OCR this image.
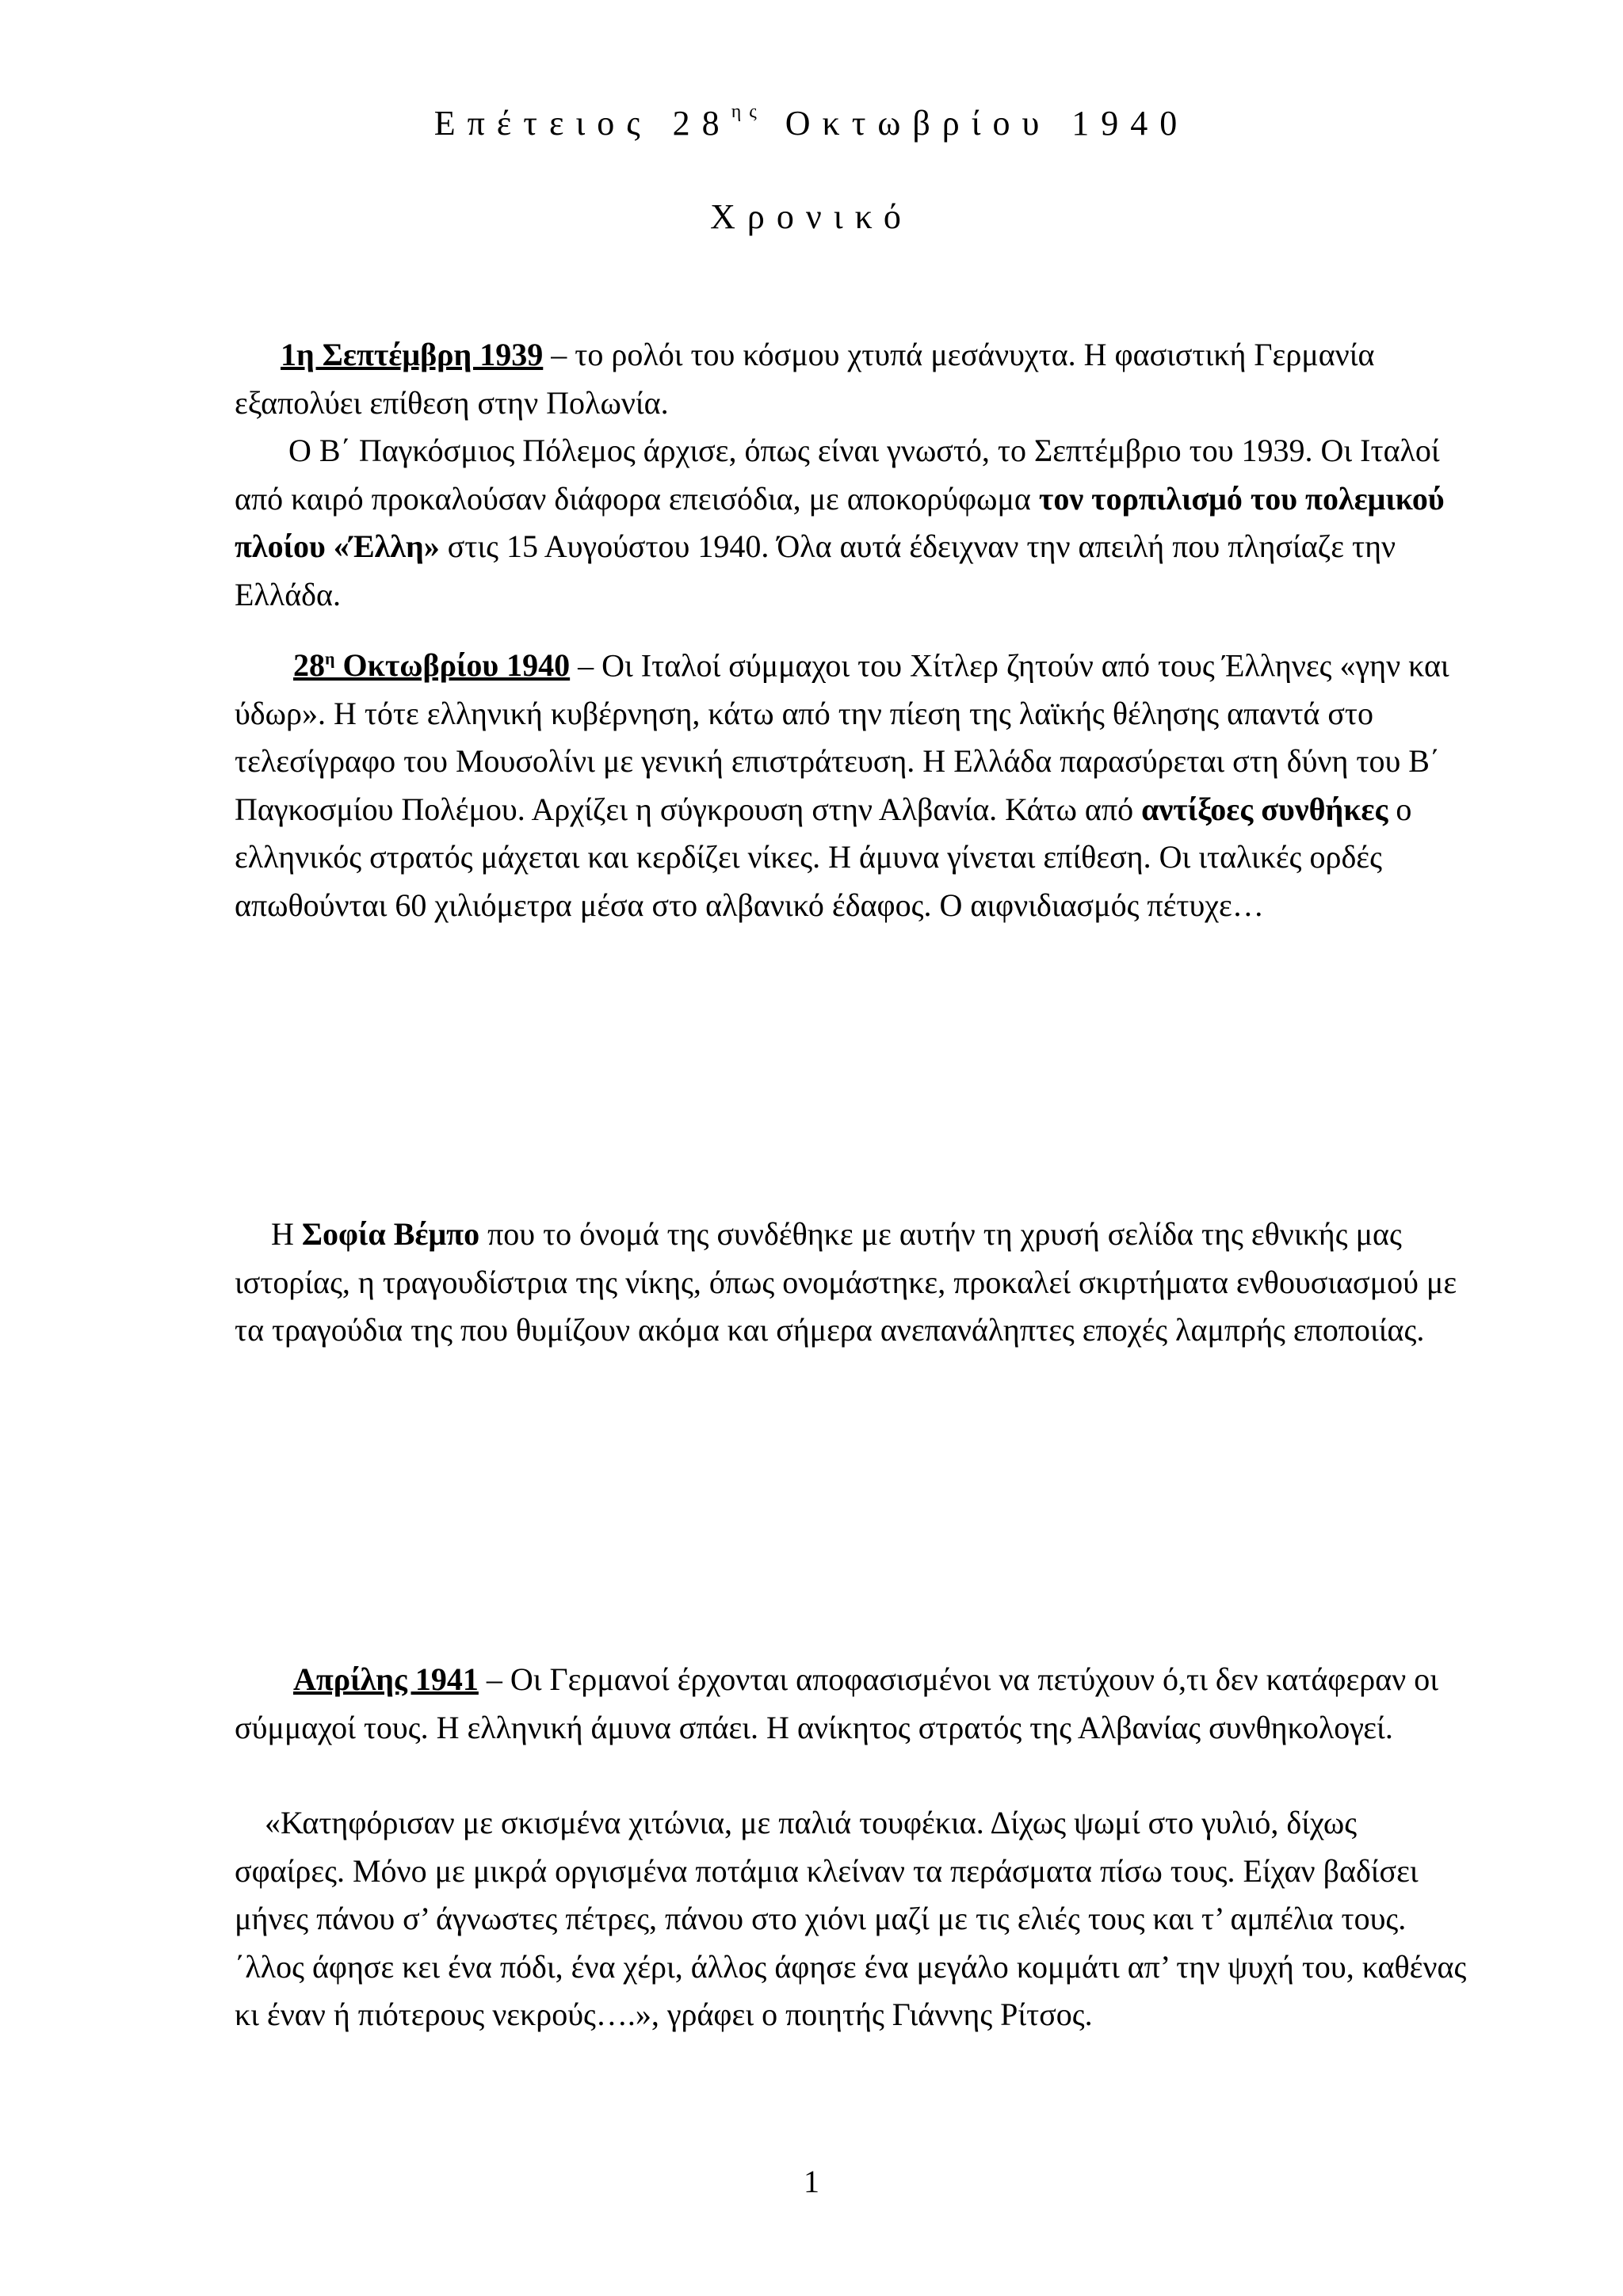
Επέτειος $28^{\eta\varsigma}$ Οκτωβρίου 1940
Χρονικό

1η Σεπτέμβρη 1939 – το ρολόι του κόσμου χτυπά μεσάνυχτα. Η φασιστική Γερμανία εξαπολύει επίθεση στην Πολωνία.

Ο Β΄ Παγκόσμιος Πόλεμος άρχισε, όπως είναι γνωστό, το Σεπτέμβριο του 1939. Οι Ιταλοί από καιρό προκαλούσαν διάφορα επεισόδια, με αποκορύφωμα τον τορπιλισμό του πολεμικού πλοίου «Έλλη» στις 15 Αυγούστου 1940. Όλα αυτά έδειχναν την απειλή που πλησίαζε την Ελλάδα.

$28^\eta$ Οκτωβρίου 1940 – Οι Ιταλοί σύμμαχοι του Χίτλερ ζητούν από τους Έλληνες «γην και ύδωρ». Η τότε ελληνική κυβέρνηση, κάτω από την πίεση της λαϊκής θέλησης απαντά στο τελεσίγραφο του Μουσολίνι με γενική επιστράτευση. Η Ελλάδα παρασύρεται στη δύνη του Β΄ Παγκοσμίου Πολέμου. Αρχίζει η σύγκρουση στην Αλβανία. Κάτω από αντίξοες συνθήκες ο ελληνικός στρατός μάχεται και κερδίζει νίκες. Η άμυνα γίνεται επίθεση. Οι ιταλικές ορδές απωθούνται 60 χιλιόμετρα μέσα στο αλβανικό έδαφος. Ο αιφνιδιασμός πέτυχε…

Η Σοφία Βέμπο που το όνομά της συνδέθηκε με αυτήν τη χρυσή σελίδα της εθνικής μας ιστορίας, η τραγουδίστρια της νίκης, όπως ονομάστηκε, προκαλεί σκιρτήματα ενθουσιασμού με τα τραγούδια της που θυμίζουν ακόμα και σήμερα ανεπανάληπτες εποχές λαμπρής εποποιίας.

Απρίλης 1941 – Οι Γερμανοί έρχονται αποφασισμένοι να πετύχουν ό,τι δεν κατάφεραν οι σύμμαχοί τους. Η ελληνική άμυνα σπάει. Η ανίκητος στρατός της Αλβανίας συνθηκολογεί.

«Κατηφόρισαν με σκισμένα χιτώνια, με παλιά τουφέκια. Δίχως ψωμί στο γυλιό, δίχως σφαίρες. Μόνο με μικρά οργισμένα ποτάμια κλείναν τα περάσματα πίσω τους. Είχαν βαδίσει μήνες πάνου σ’ άγνωστες πέτρες, πάνου στο χιόνι μαζί με τις ελιές τους και τ’ αμπέλια τους. ΄λλος άφησε κει ένα πόδι, ένα χέρι, άλλος άφησε ένα μεγάλο κομμάτι απ’ την ψυχή του, καθένας κι έναν ή πιότερους νεκρούς….», γράφει ο ποιητής Γιάννης Ρίτσος.

1
